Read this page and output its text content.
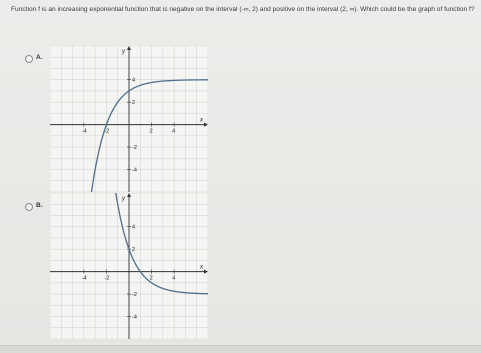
Function f is an increasing exponential function that is negative on the interval (-∞, 2) and positive on the interval (2, ∞). Which could be the graph of function f?
A.
x
y
-4	-2	2	4
4
2
-2
-4
B.
x
y
-4	-2	2	4
4
2
-2
-4
